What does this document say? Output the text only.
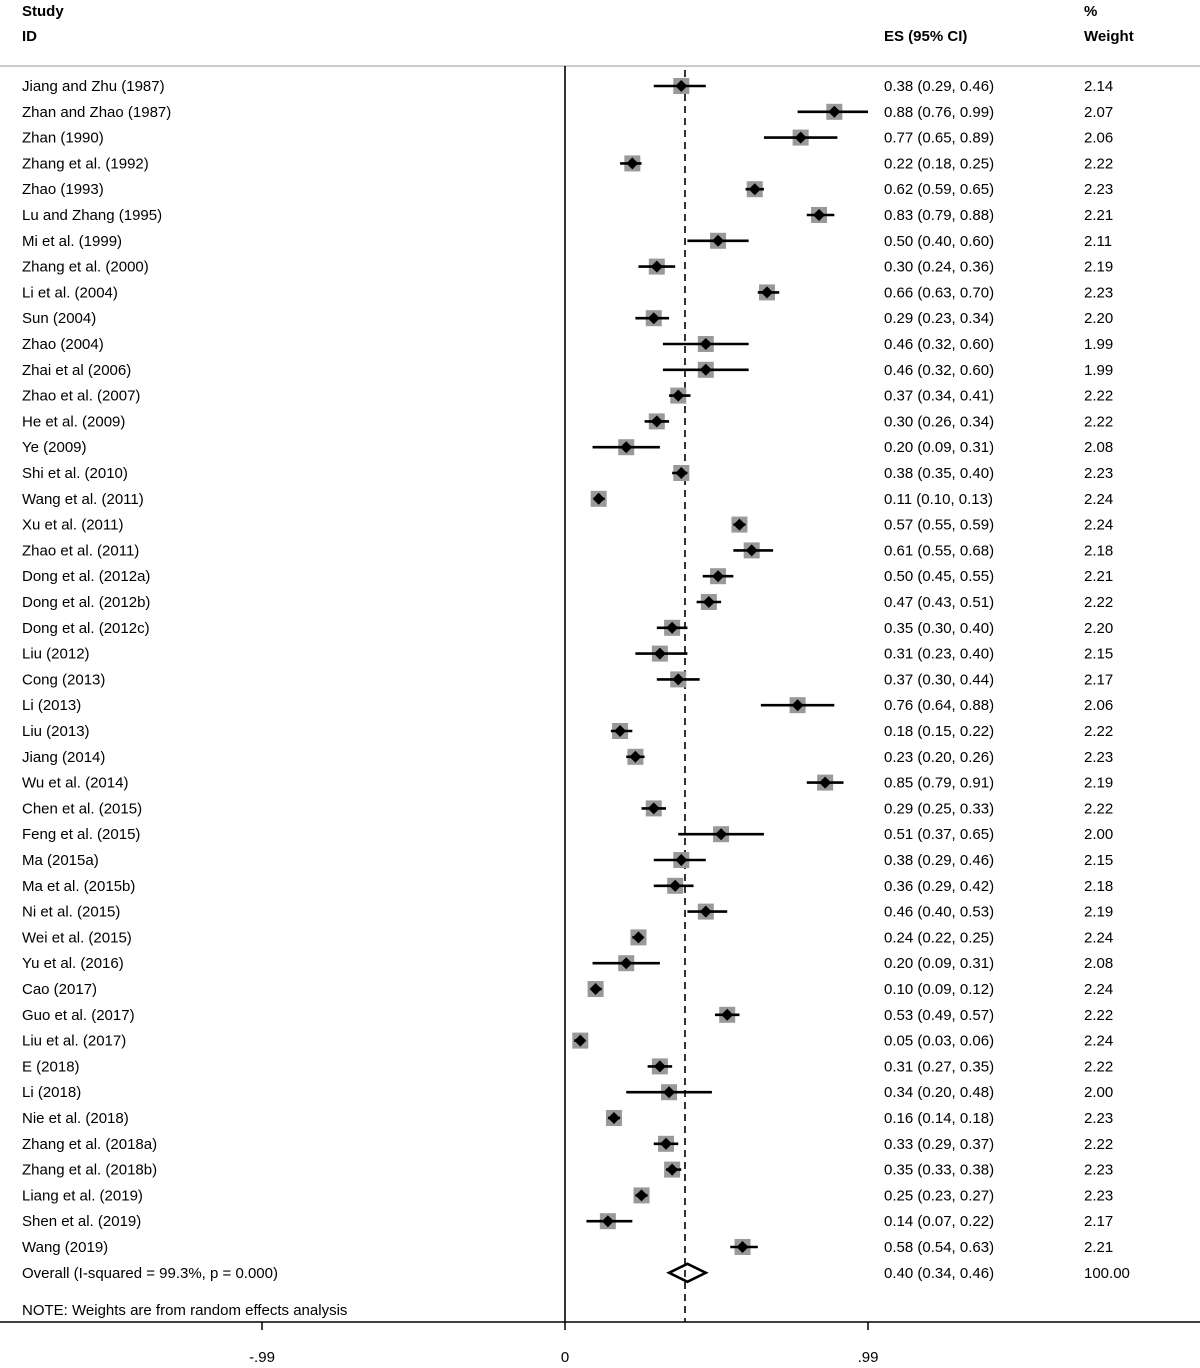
Study
ID	ES (95% CI)
%
Weight
Jiang and Zhu (1987)	0.38 (0.29, 0.46)	2.14
Zhan and Zhao (1987)	0.88 (0.76, 0.99)	2.07
Zhan (1990)	0.77 (0.65, 0.89)	2.06
Zhang et al. (1992)	0.22 (0.18, 0.25)	2.22
Zhao (1993)	0.62 (0.59, 0.65)	2.23
Lu and Zhang (1995)	0.83 (0.79, 0.88)	2.21
Mi et al. (1999)	0.50 (0.40, 0.60)	2.11
Zhang et al. (2000)	0.30 (0.24, 0.36)	2.19
Li et al. (2004)	0.66 (0.63, 0.70)	2.23
Sun (2004)	0.29 (0.23, 0.34)	2.20
Zhao (2004)	0.46 (0.32, 0.60)	1.99
Zhai et al (2006)	0.46 (0.32, 0.60)	1.99
Zhao et al. (2007)	0.37 (0.34, 0.41)	2.22
He et al. (2009)	0.30 (0.26, 0.34)	2.22
Ye (2009)	0.20 (0.09, 0.31)	2.08
Shi et al. (2010)	0.38 (0.35, 0.40)	2.23
Wang et al. (2011)	0.11 (0.10, 0.13)	2.24
Xu et al. (2011)	0.57 (0.55, 0.59)	2.24
Zhao et al. (2011)	0.61 (0.55, 0.68)	2.18
Dong et al. (2012a)	0.50 (0.45, 0.55)	2.21
Dong et al. (2012b)	0.47 (0.43, 0.51)	2.22
Dong et al. (2012c)	0.35 (0.30, 0.40)	2.20
Liu (2012)	0.31 (0.23, 0.40)	2.15
Cong (2013)	0.37 (0.30, 0.44)	2.17
Li (2013)	0.76 (0.64, 0.88)	2.06
Liu (2013)	0.18 (0.15, 0.22)	2.22
Jiang (2014)	0.23 (0.20, 0.26)	2.23
Wu et al. (2014)	0.85 (0.79, 0.91)	2.19
Chen et al. (2015)	0.29 (0.25, 0.33)	2.22
Feng et al. (2015)	0.51 (0.37, 0.65)	2.00
Ma (2015a)	0.38 (0.29, 0.46)	2.15
Ma et al. (2015b)	0.36 (0.29, 0.42)	2.18
Ni et al. (2015)	0.46 (0.40, 0.53)	2.19
Wei et al. (2015)	0.24 (0.22, 0.25)	2.24
Yu et al. (2016)	0.20 (0.09, 0.31)	2.08
Cao (2017)	0.10 (0.09, 0.12)	2.24
Guo et al. (2017)	0.53 (0.49, 0.57)	2.22
Liu et al. (2017)	0.05 (0.03, 0.06)	2.24
E (2018)	0.31 (0.27, 0.35)	2.22
Li (2018)	0.34 (0.20, 0.48)	2.00
Nie et al. (2018)	0.16 (0.14, 0.18)	2.23
Zhang et al. (2018a)	0.33 (0.29, 0.37)	2.22
Zhang et al. (2018b)	0.35 (0.33, 0.38)	2.23
Liang et al. (2019)	0.25 (0.23, 0.27)	2.23
Shen et al. (2019)	0.14 (0.07, 0.22)	2.17
Wang (2019)	0.58 (0.54, 0.63)	2.21
Overall (I-squared = 99.3%, p = 0.000)	0.40 (0.34, 0.46)	100.00
NOTE: Weights are from random effects analysis
-.99	0	.99
